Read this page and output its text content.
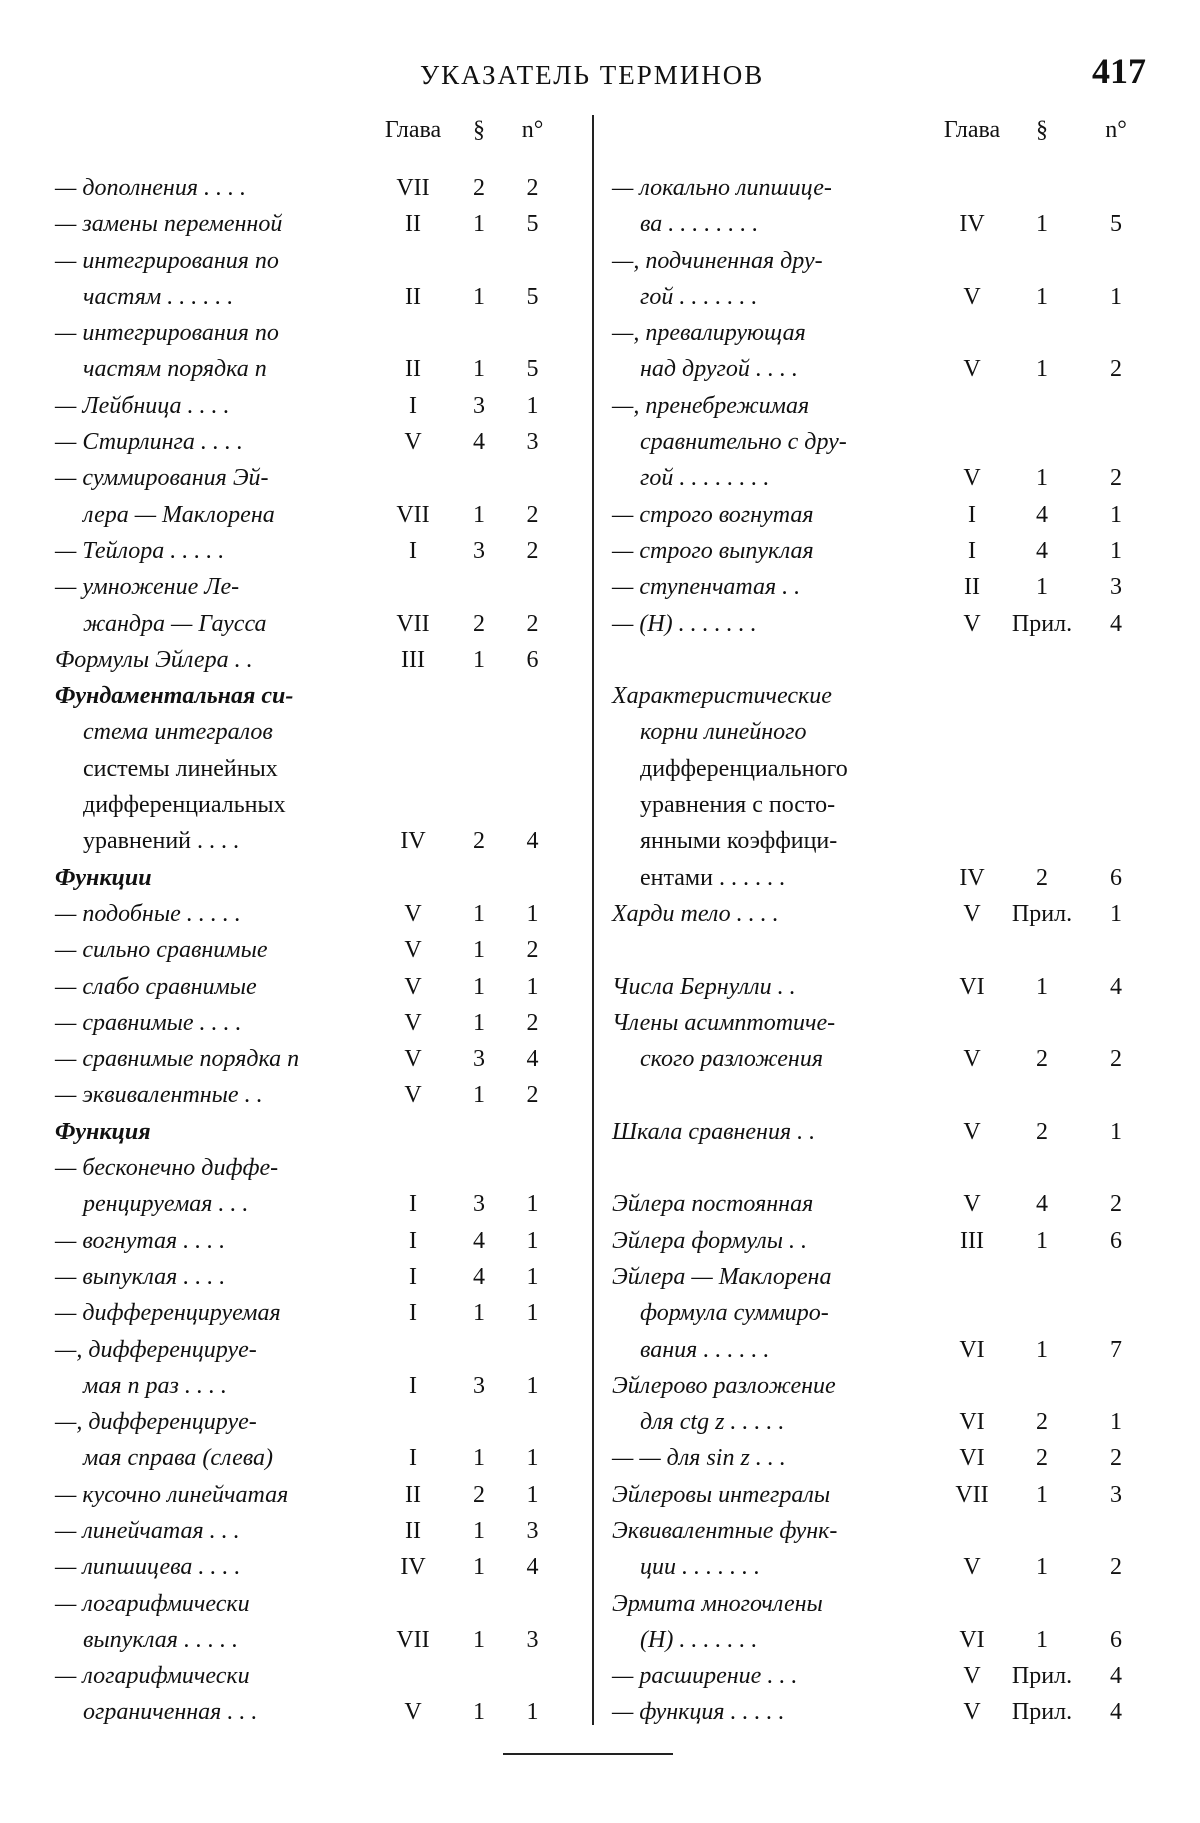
УКАЗАТЕЛЬ ТЕРМИНОВ	417
Глава	§	n°
— дополнения . . . .	VII	2	2
— замены переменной	II	1	5
— интегрирования по
частям . . . . . .	II	1	5
— интегрирования по
частям порядка n	II	1	5
— Лейбница . . . .	I	3	1
— Стирлинга . . . .	V	4	3
— суммирования Эй-
лера — Маклорена	VII	1	2
— Тейлора . . . . .	I	3	2
— умножение Ле-
жандра — Гаусса	VII	2	2
Формулы Эйлера . .	III	1	6
Фундаментальная си-
стема интегралов
системы линейных
дифференциальных
уравнений . . . .	IV	2	4
Функции
— подобные . . . . .	V	1	1
— сильно сравнимые	V	1	2
— слабо сравнимые	V	1	1
— сравнимые . . . .	V	1	2
— сравнимые порядка n	V	3	4
— эквивалентные . .	V	1	2
Функция
— бесконечно диффе-
ренцируемая . . .	I	3	1
— вогнутая . . . .	I	4	1
— выпуклая . . . .	I	4	1
— дифференцируемая	I	1	1
—, дифференцируе-
мая n раз . . . .	I	3	1
—, дифференцируе-
мая справа (слева)	I	1	1
— кусочно линейчатая	II	2	1
— линейчатая . . .	II	1	3
— липшицева . . . .	IV	1	4
— логарифмически
выпуклая . . . . .	VII	1	3
— логарифмически
ограниченная . . .	V	1	1
Глава	§	n°
— локально липшице-
ва . . . . . . . .	IV	1	5
—, подчиненная дру-
гой . . . . . . .	V	1	1
—, превалирующая
над другой . . . .	V	1	2
—, пренебрежимая
сравнительно с дру-
гой . . . . . . . .	V	1	2
— строго вогнутая	I	4	1
— строго выпуклая	I	4	1
— ступенчатая . .	II	1	3
— (H) . . . . . . .	V	Прил.	4
Характеристические
корни линейного
дифференциального
уравнения с посто-
янными коэффици-
ентами . . . . . .	IV	2	6
Харди тело . . . .	V	Прил.	1
Числа Бернулли . .	VI	1	4
Члены асимптотиче-
ского разложения	V	2	2
Шкала сравнения . .	V	2	1
Эйлера постоянная	V	4	2
Эйлера формулы . .	III	1	6
Эйлера — Маклорена
формула суммиро-
вания . . . . . .	VI	1	7
Эйлерово разложение
для ctg z . . . . .	VI	2	1
— — для sin z . . .	VI	2	2
Эйлеровы интегралы	VII	1	3
Эквивалентные функ-
ции . . . . . . .	V	1	2
Эрмита многочлены
(H) . . . . . . .	VI	1	6
— расширение . . .	V	Прил.	4
— функция . . . . .	V	Прил.	4
